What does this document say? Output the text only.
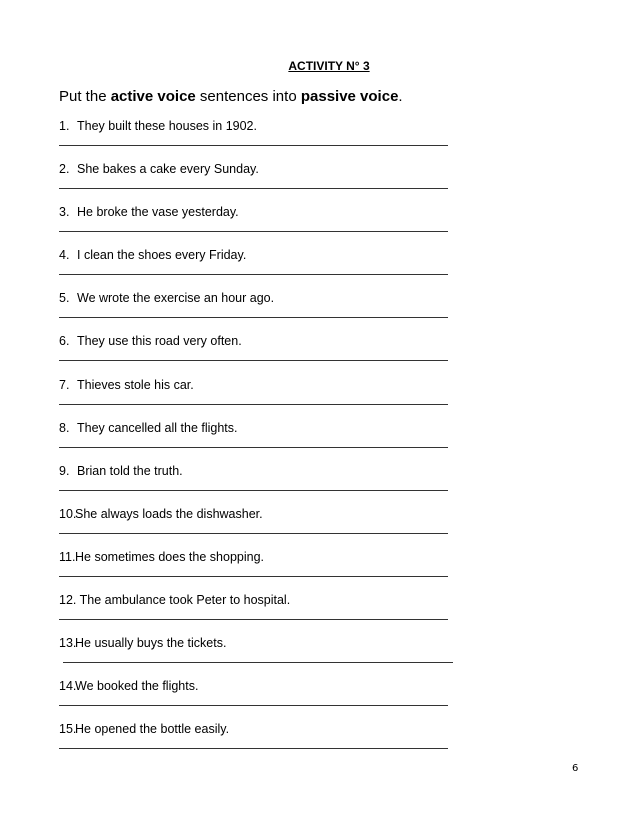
ACTIVITY N° 3
Put the active voice sentences into passive voice.
1. They built these houses in 1902.
2. She bakes a cake every Sunday.
3. He broke the vase yesterday.
4. I clean the shoes every Friday.
5. We wrote the exercise an hour ago.
6. They use this road very often.
7. Thieves stole his car.
8. They cancelled all the flights.
9. Brian told the truth.
10.She always loads the dishwasher.
11.He sometimes does the shopping.
12. The ambulance took Peter to hospital.
13.He usually buys the tickets.
14.We booked the flights.
15.He opened the bottle easily.
6
